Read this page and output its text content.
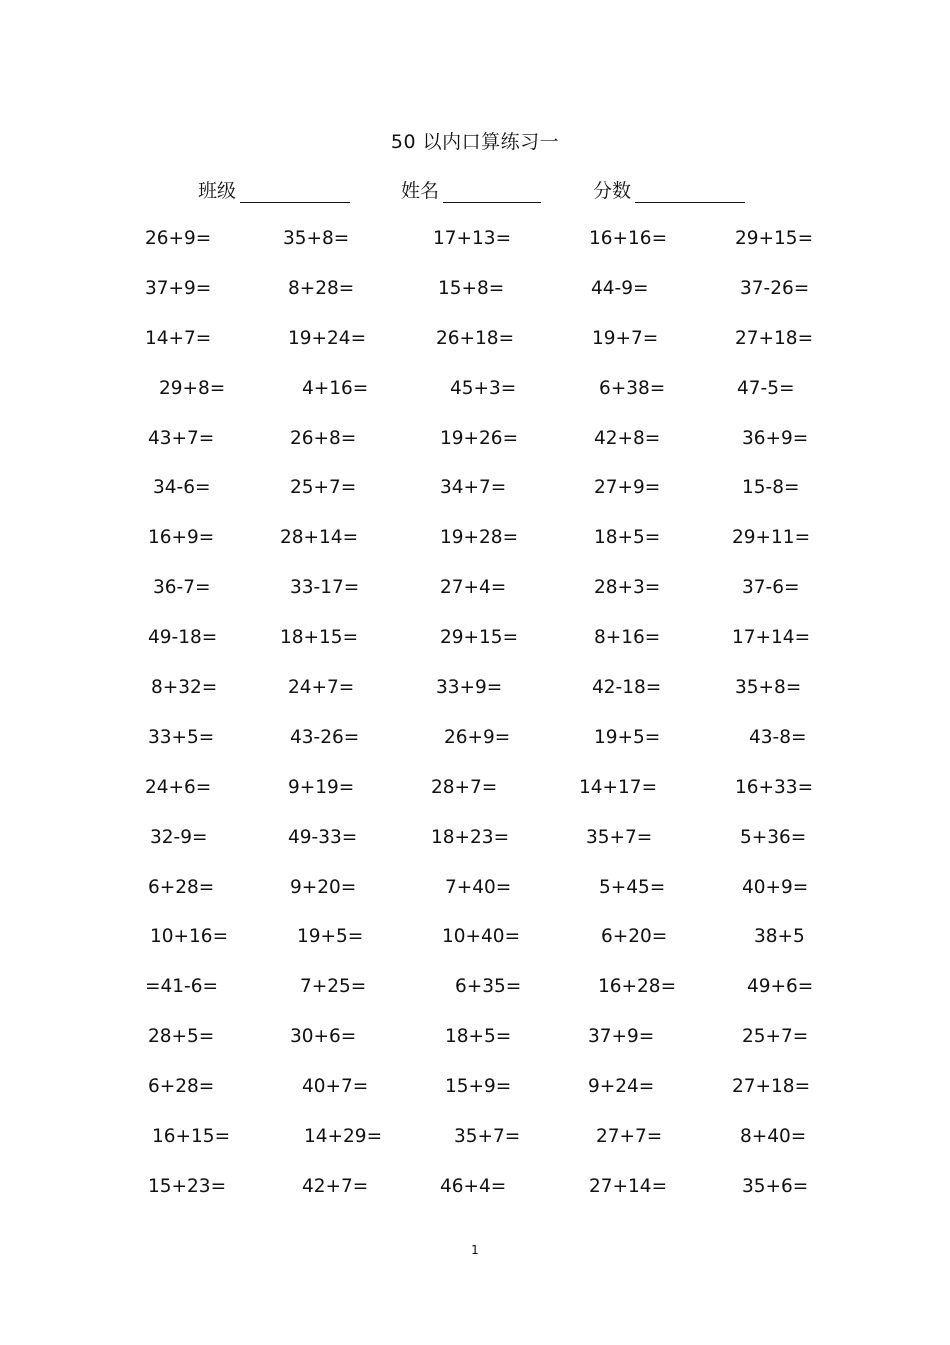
50 以内口算练习一
班级	姓名	分数
26+9=	35+8=	17+13=	16+16=	29+15=
37+9=	8+28=	15+8=	44-9=	37-26=
14+7=	19+24=	26+18=	19+7=	27+18=
29+8=	4+16=	45+3=	6+38=	47-5=
43+7=	26+8=	19+26=	42+8=	36+9=
34-6=	25+7=	34+7=	27+9=	15-8=
16+9=	28+14=	19+28=	18+5=	29+11=
36-7=	33-17=	27+4=	28+3=	37-6=
49-18=	18+15=	29+15=	8+16=	17+14=
8+32=	24+7=	33+9=	42-18=	35+8=
33+5=	43-26=	26+9=	19+5=	43-8=
24+6=	9+19=	28+7=	14+17=	16+33=
32-9=	49-33=	18+23=	35+7=	5+36=
6+28=	9+20=	7+40=	5+45=	40+9=
10+16=	19+5=	10+40=	6+20=	38+5
=41-6=	7+25=	6+35=	16+28=	49+6=
28+5=	30+6=	18+5=	37+9=	25+7=
6+28=	40+7=	15+9=	9+24=	27+18=
16+15=	14+29=	35+7=	27+7=	8+40=
15+23=	42+7=	46+4=	27+14=	35+6=
1
